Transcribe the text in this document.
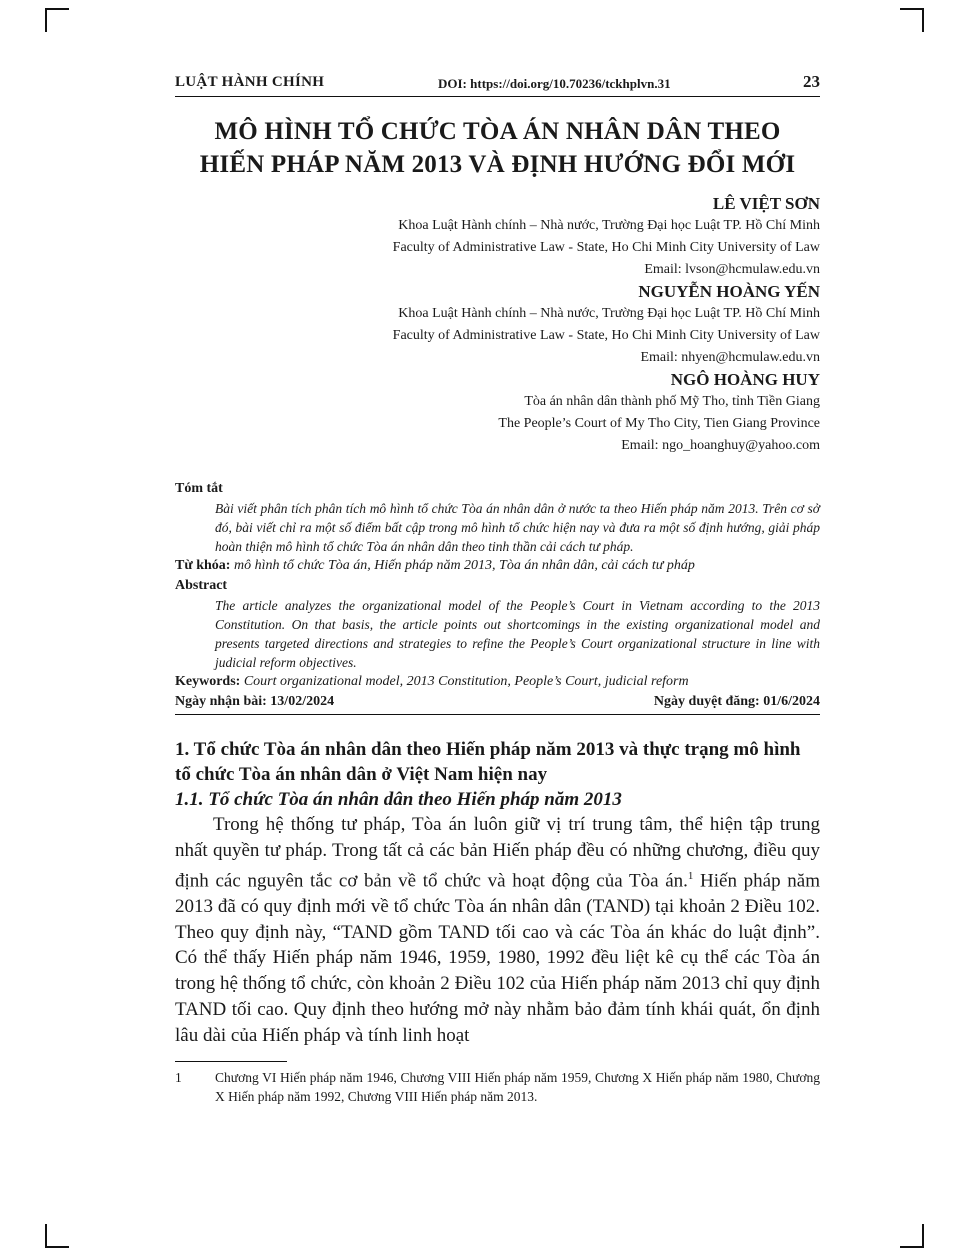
LUẬT HÀNH CHÍNH	DOI: https://doi.org/10.70236/tckhplvn.31	23
MÔ HÌNH TỔ CHỨC TÒA ÁN NHÂN DÂN THEO
HIẾN PHÁP NĂM 2013 VÀ ĐỊNH HƯỚNG ĐỔI MỚI
LÊ VIỆT SƠN
Khoa Luật Hành chính – Nhà nước, Trường Đại học Luật TP. Hồ Chí Minh
Faculty of Administrative Law - State, Ho Chi Minh City University of Law
Email: lvson@hcmulaw.edu.vn
NGUYỄN HOÀNG YẾN
Khoa Luật Hành chính – Nhà nước, Trường Đại học Luật TP. Hồ Chí Minh
Faculty of Administrative Law - State, Ho Chi Minh City University of Law
Email: nhyen@hcmulaw.edu.vn
NGÔ HOÀNG HUY
Tòa án nhân dân thành phố Mỹ Tho, tỉnh Tiền Giang
The People’s Court of My Tho City, Tien Giang Province
Email: ngo_hoanghuy@yahoo.com
Tóm tắt
Bài viết phân tích phân tích mô hình tổ chức Tòa án nhân dân ở nước ta theo Hiến pháp năm 2013. Trên cơ sở đó, bài viết chỉ ra một số điểm bất cập trong mô hình tổ chức hiện nay và đưa ra một số định hướng, giải pháp hoàn thiện mô hình tổ chức Tòa án nhân dân theo tinh thần cải cách tư pháp.
Từ khóa: mô hình tổ chức Tòa án, Hiến pháp năm 2013, Tòa án nhân dân, cải cách tư pháp
Abstract
The article analyzes the organizational model of the People’s Court in Vietnam according to the 2013 Constitution. On that basis, the article points out shortcomings in the existing organizational model and presents targeted directions and strategies to refine the People’s Court organizational structure in line with judicial reform objectives.
Keywords: Court organizational model, 2013 Constitution, People’s Court, judicial reform
Ngày nhận bài: 13/02/2024	Ngày duyệt đăng: 01/6/2024
1. Tổ chức Tòa án nhân dân theo Hiến pháp năm 2013 và thực trạng mô hình tổ chức Tòa án nhân dân ở Việt Nam hiện nay
1.1. Tổ chức Tòa án nhân dân theo Hiến pháp năm 2013

Trong hệ thống tư pháp, Tòa án luôn giữ vị trí trung tâm, thể hiện tập trung nhất quyền tư pháp. Trong tất cả các bản Hiến pháp đều có những chương, điều quy định các nguyên tắc cơ bản về tổ chức và hoạt động của Tòa án.$^1$ Hiến pháp năm 2013 đã có quy định mới về tổ chức Tòa án nhân dân (TAND) tại khoản 2 Điều 102. Theo quy định này, “TAND gồm TAND tối cao và các Tòa án khác do luật định”. Có thể thấy Hiến pháp năm 1946, 1959, 1980, 1992 đều liệt kê cụ thể các Tòa án trong hệ thống tổ chức, còn khoản 2 Điều 102 của Hiến pháp năm 2013 chỉ quy định TAND tối cao. Quy định theo hướng mở này nhằm bảo đảm tính khái quát, ổn định lâu dài của Hiến pháp và tính linh hoạt

1	Chương VI Hiến pháp năm 1946, Chương VIII Hiến pháp năm 1959, Chương X Hiến pháp năm 1980, Chương X Hiến pháp năm 1992, Chương VIII Hiến pháp năm 2013.
